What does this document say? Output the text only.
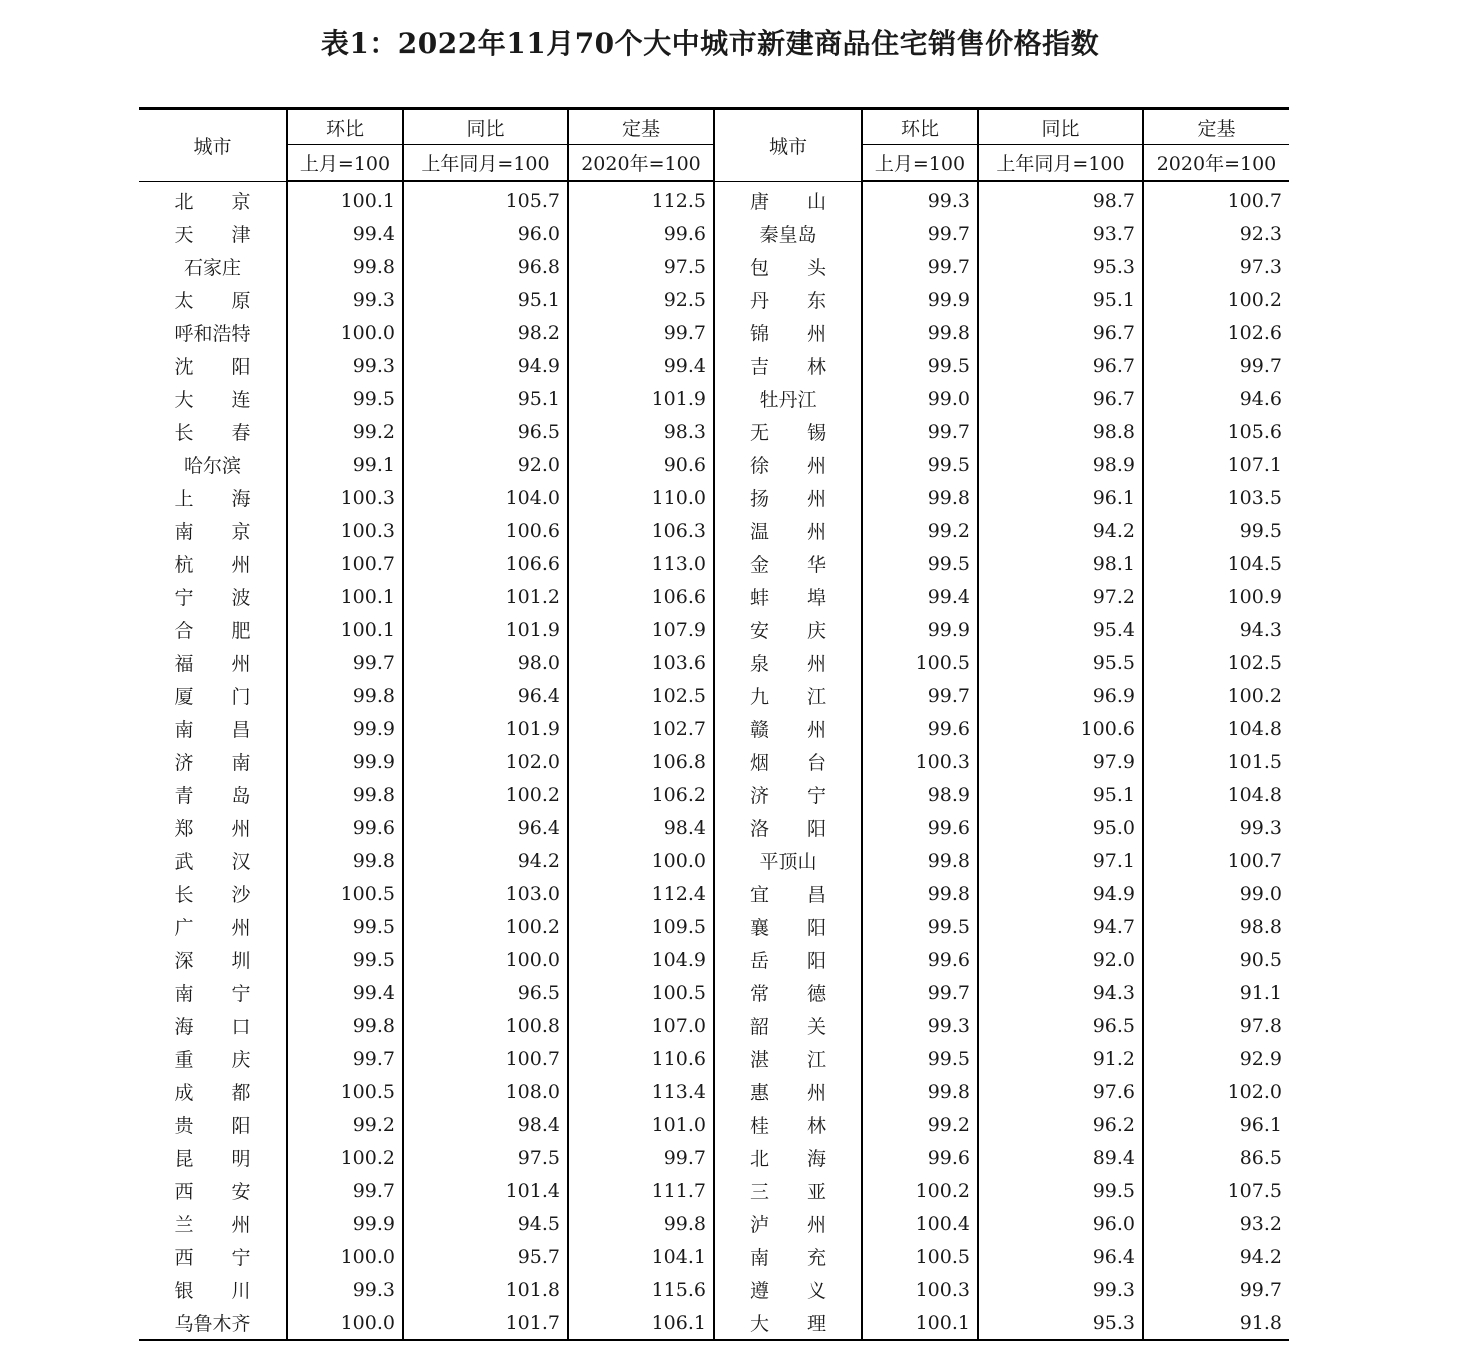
表1：2022年11月70个大中城市新建商品住宅销售价格指数
城市	环比	同比	定基	城市	环比	同比	定基
	上月=100	上年同月=100	2020年=100		上月=100	上年同月=100	2020年=100
北　　京	100.1	105.7	112.5	唐　　山	99.3	98.7	100.7
天　　津	99.4	96.0	99.6	秦皇岛	99.7	93.7	92.3
石家庄	99.8	96.8	97.5	包　　头	99.7	95.3	97.3
太　　原	99.3	95.1	92.5	丹　　东	99.9	95.1	100.2
呼和浩特	100.0	98.2	99.7	锦　　州	99.8	96.7	102.6
沈　　阳	99.3	94.9	99.4	吉　　林	99.5	96.7	99.7
大　　连	99.5	95.1	101.9	牡丹江	99.0	96.7	94.6
长　　春	99.2	96.5	98.3	无　　锡	99.7	98.8	105.6
哈尔滨	99.1	92.0	90.6	徐　　州	99.5	98.9	107.1
上　　海	100.3	104.0	110.0	扬　　州	99.8	96.1	103.5
南　　京	100.3	100.6	106.3	温　　州	99.2	94.2	99.5
杭　　州	100.7	106.6	113.0	金　　华	99.5	98.1	104.5
宁　　波	100.1	101.2	106.6	蚌　　埠	99.4	97.2	100.9
合　　肥	100.1	101.9	107.9	安　　庆	99.9	95.4	94.3
福　　州	99.7	98.0	103.6	泉　　州	100.5	95.5	102.5
厦　　门	99.8	96.4	102.5	九　　江	99.7	96.9	100.2
南　　昌	99.9	101.9	102.7	赣　　州	99.6	100.6	104.8
济　　南	99.9	102.0	106.8	烟　　台	100.3	97.9	101.5
青　　岛	99.8	100.2	106.2	济　　宁	98.9	95.1	104.8
郑　　州	99.6	96.4	98.4	洛　　阳	99.6	95.0	99.3
武　　汉	99.8	94.2	100.0	平顶山	99.8	97.1	100.7
长　　沙	100.5	103.0	112.4	宜　　昌	99.8	94.9	99.0
广　　州	99.5	100.2	109.5	襄　　阳	99.5	94.7	98.8
深　　圳	99.5	100.0	104.9	岳　　阳	99.6	92.0	90.5
南　　宁	99.4	96.5	100.5	常　　德	99.7	94.3	91.1
海　　口	99.8	100.8	107.0	韶　　关	99.3	96.5	97.8
重　　庆	99.7	100.7	110.6	湛　　江	99.5	91.2	92.9
成　　都	100.5	108.0	113.4	惠　　州	99.8	97.6	102.0
贵　　阳	99.2	98.4	101.0	桂　　林	99.2	96.2	96.1
昆　　明	100.2	97.5	99.7	北　　海	99.6	89.4	86.5
西　　安	99.7	101.4	111.7	三　　亚	100.2	99.5	107.5
兰　　州	99.9	94.5	99.8	泸　　州	100.4	96.0	93.2
西　　宁	100.0	95.7	104.1	南　　充	100.5	96.4	94.2
银　　川	99.3	101.8	115.6	遵　　义	100.3	99.3	99.7
乌鲁木齐	100.0	101.7	106.1	大　　理	100.1	95.3	91.8
